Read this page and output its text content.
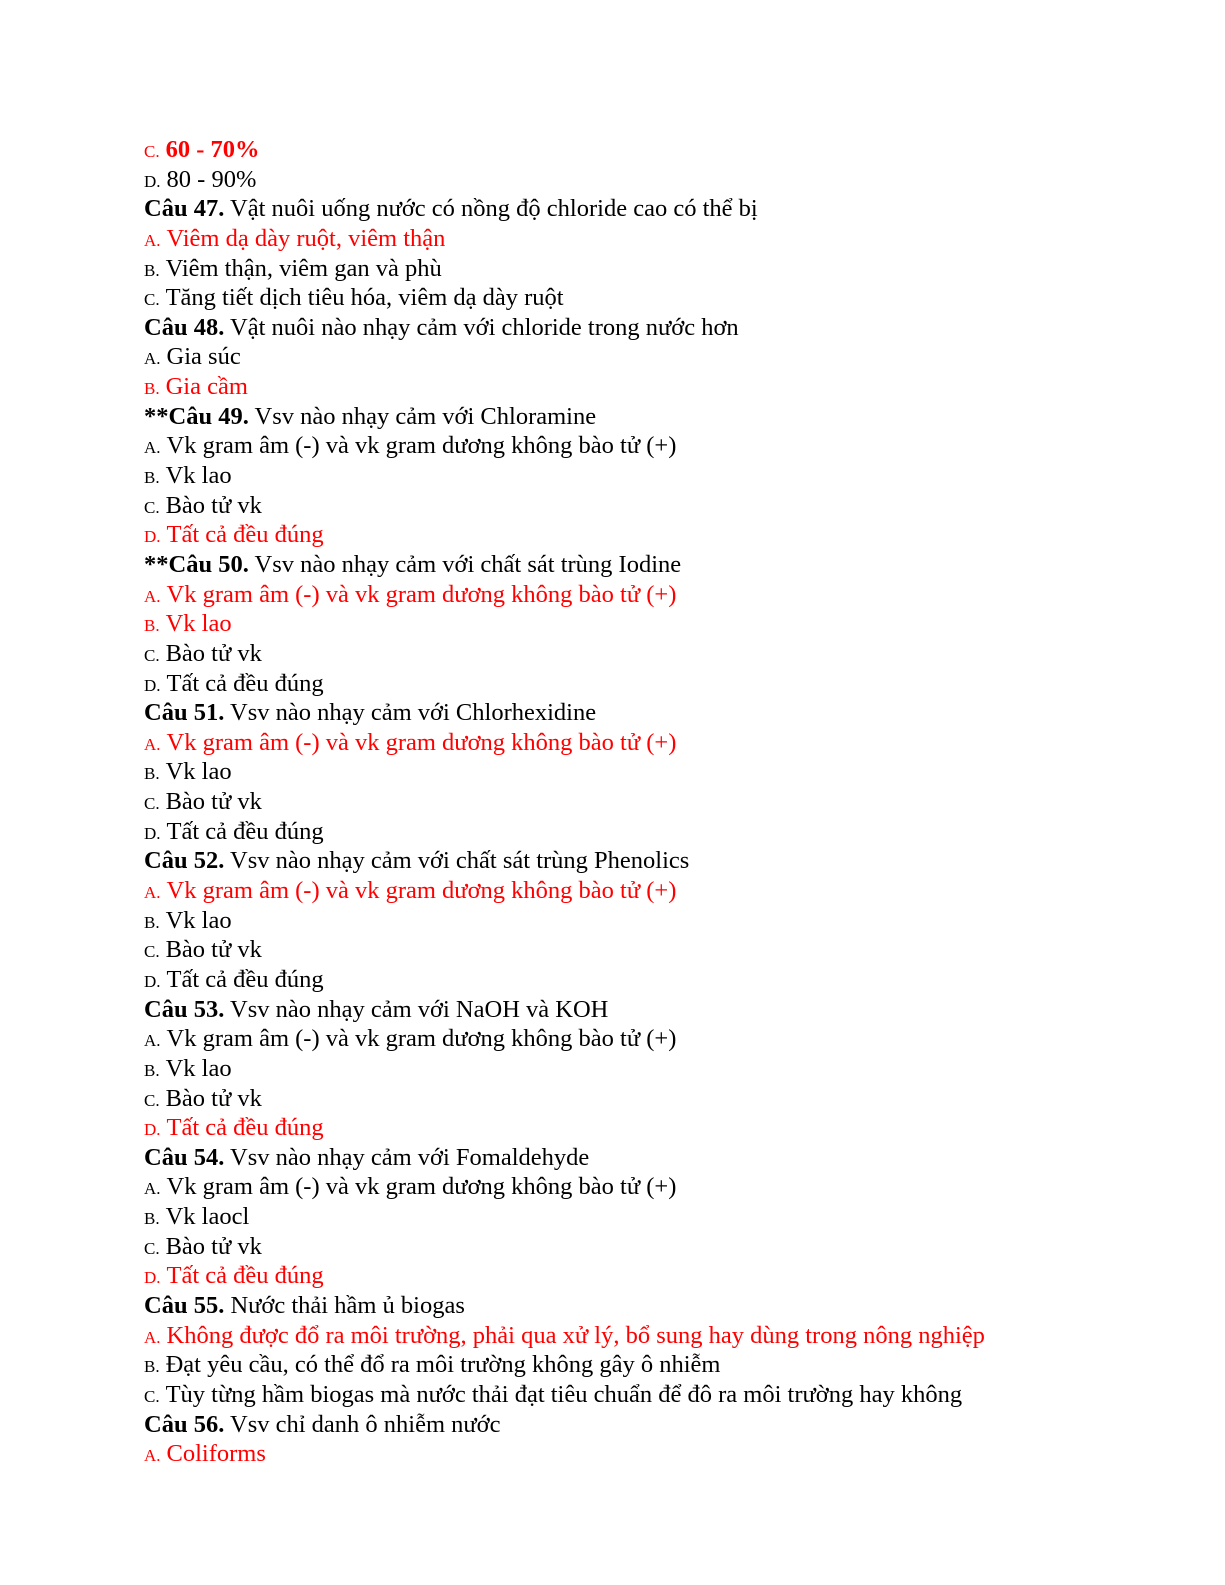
C. 60 - 70%
D. 80 - 90%
Câu 47. Vật nuôi uống nước có nồng độ chloride cao có thể bị
A. Viêm dạ dày ruột, viêm thận
B. Viêm thận, viêm gan và phù
C. Tăng tiết dịch tiêu hóa, viêm dạ dày ruột
Câu 48. Vật nuôi nào nhạy cảm với chloride trong nước hơn
A. Gia súc
B. Gia cầm
**Câu 49. Vsv nào nhạy cảm với Chloramine
A. Vk gram âm (-) và vk gram dương không bào tử (+)
B. Vk lao
C. Bào tử vk
D. Tất cả đều đúng
**Câu 50. Vsv nào nhạy cảm với chất sát trùng Iodine
A. Vk gram âm (-) và vk gram dương không bào tử (+)
B. Vk lao
C. Bào tử vk
D. Tất cả đều đúng
Câu 51. Vsv nào nhạy cảm với Chlorhexidine
A. Vk gram âm (-) và vk gram dương không bào tử (+)
B. Vk lao
C. Bào tử vk
D. Tất cả đều đúng
Câu 52. Vsv nào nhạy cảm với chất sát trùng Phenolics
A. Vk gram âm (-) và vk gram dương không bào tử (+)
B. Vk lao
C. Bào tử vk
D. Tất cả đều đúng
Câu 53. Vsv nào nhạy cảm với NaOH và KOH
A. Vk gram âm (-) và vk gram dương không bào tử (+)
B. Vk lao
C. Bào tử vk
D. Tất cả đều đúng
Câu 54. Vsv nào nhạy cảm với Fomaldehyde
A. Vk gram âm (-) và vk gram dương không bào tử (+)
B. Vk laocl
C. Bào tử vk
D. Tất cả đều đúng
Câu 55. Nước thải hầm ủ biogas
A. Không được đổ ra môi trường, phải qua xử lý, bổ sung hay dùng trong nông nghiệp
B. Đạt yêu cầu, có thể đổ ra môi trường không gây ô nhiễm
C. Tùy từng hầm biogas mà nước thải đạt tiêu chuẩn để đô ra môi trường hay không
Câu 56. Vsv chỉ danh ô nhiễm nước
A. Coliforms
